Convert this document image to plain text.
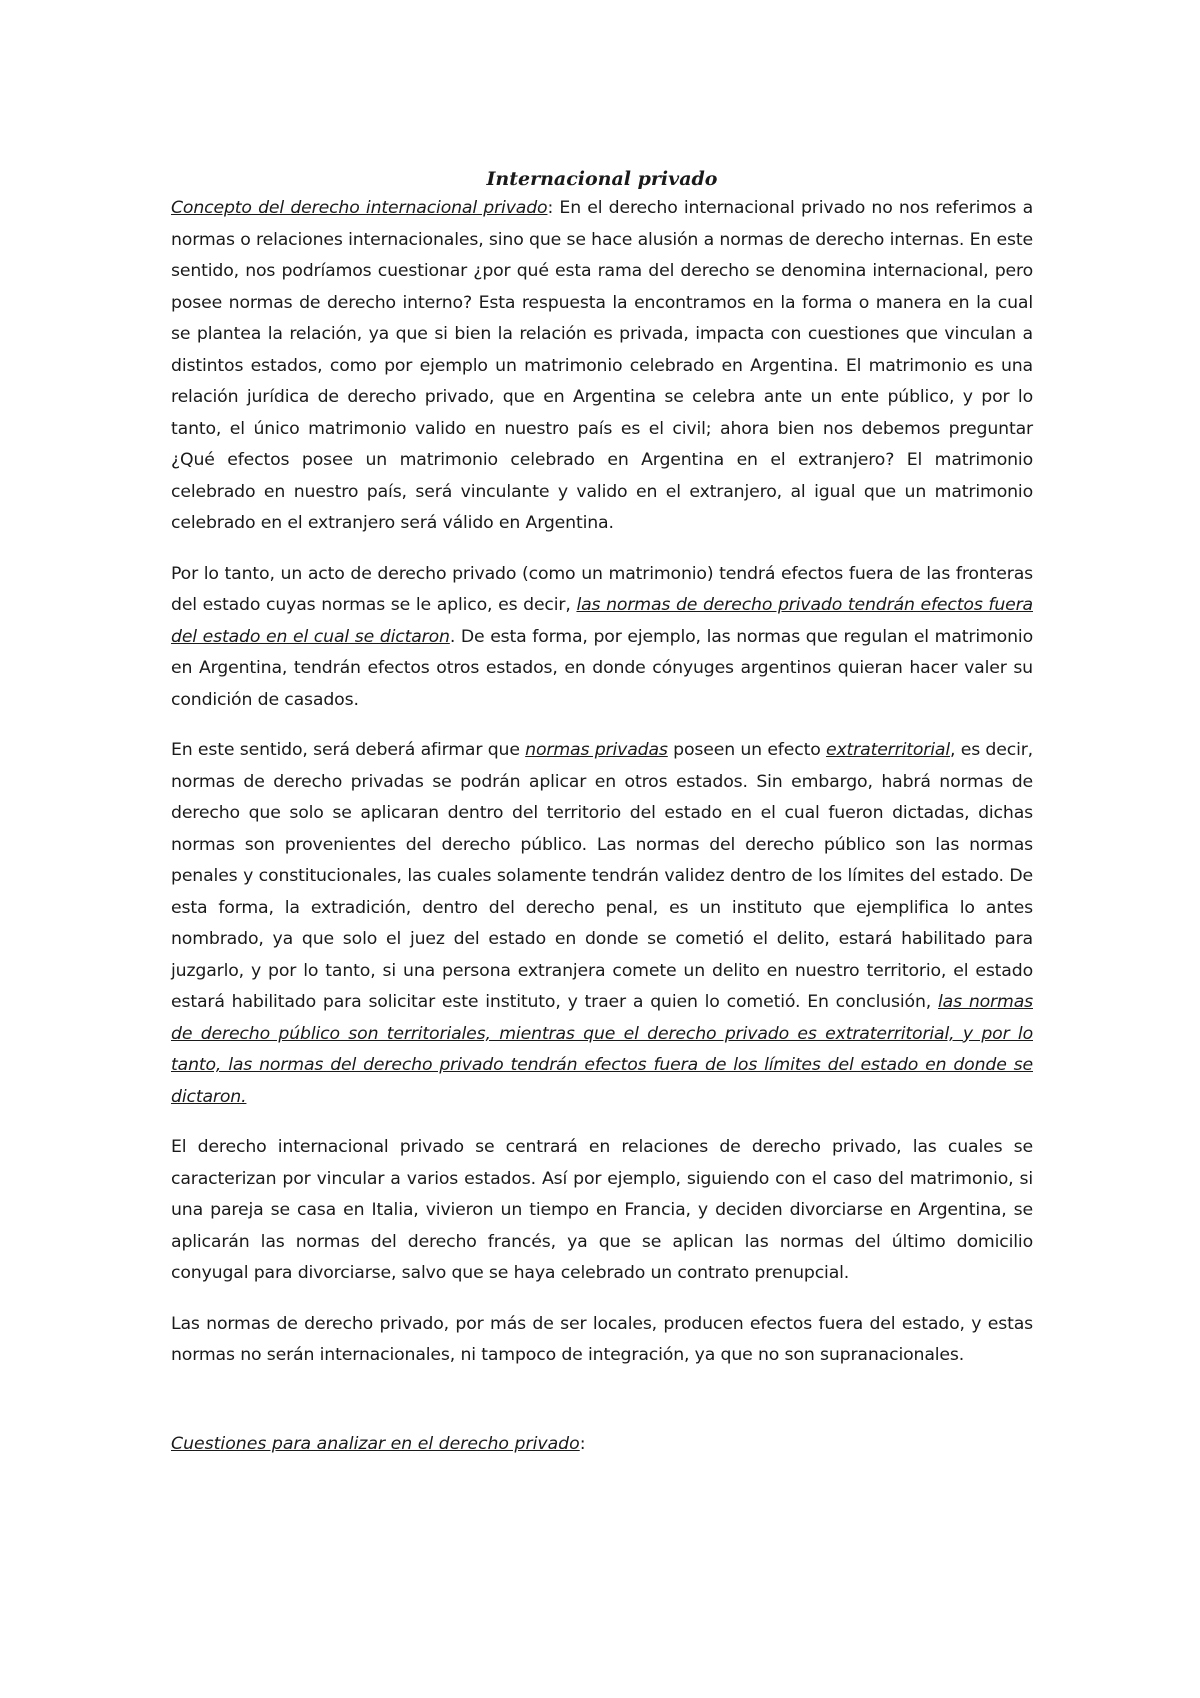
Internacional privado

Concepto del derecho internacional privado: En el derecho internacional privado no nos referimos a normas o relaciones internacionales, sino que se hace alusión a normas de derecho internas. En este sentido, nos podríamos cuestionar ¿por qué esta rama del derecho se denomina internacional, pero posee normas de derecho interno? Esta respuesta la encontramos en la forma o manera en la cual se plantea la relación, ya que si bien la relación es privada, impacta con cuestiones que vinculan a distintos estados, como por ejemplo un matrimonio celebrado en Argentina. El matrimonio es una relación jurídica de derecho privado, que en Argentina se celebra ante un ente público, y por lo tanto, el único matrimonio valido en nuestro país es el civil; ahora bien nos debemos preguntar ¿Qué efectos posee un matrimonio celebrado en Argentina en el extranjero? El matrimonio celebrado en nuestro país, será vinculante y valido en el extranjero, al igual que un matrimonio celebrado en el extranjero será válido en Argentina.

Por lo tanto, un acto de derecho privado (como un matrimonio) tendrá efectos fuera de las fronteras del estado cuyas normas se le aplico, es decir, las normas de derecho privado tendrán efectos fuera del estado en el cual se dictaron. De esta forma, por ejemplo, las normas que regulan el matrimonio en Argentina, tendrán efectos otros estados, en donde cónyuges argentinos quieran hacer valer su condición de casados.

En este sentido, será deberá afirmar que normas privadas poseen un efecto extraterritorial, es decir, normas de derecho privadas se podrán aplicar en otros estados. Sin embargo, habrá normas de derecho que solo se aplicaran dentro del territorio del estado en el cual fueron dictadas, dichas normas son provenientes del derecho público. Las normas del derecho público son las normas penales y constitucionales, las cuales solamente tendrán validez dentro de los límites del estado. De esta forma, la extradición, dentro del derecho penal, es un instituto que ejemplifica lo antes nombrado, ya que solo el juez del estado en donde se cometió el delito, estará habilitado para juzgarlo, y por lo tanto, si una persona extranjera comete un delito en nuestro territorio, el estado estará habilitado para solicitar este instituto, y traer a quien lo cometió. En conclusión, las normas de derecho público son territoriales, mientras que el derecho privado es extraterritorial, y por lo tanto, las normas del derecho privado tendrán efectos fuera de los límites del estado en donde se dictaron.

El derecho internacional privado se centrará en relaciones de derecho privado, las cuales se caracterizan por vincular a varios estados. Así por ejemplo, siguiendo con el caso del matrimonio, si una pareja se casa en Italia, vivieron un tiempo en Francia, y deciden divorciarse en Argentina, se aplicarán las normas del derecho francés, ya que se aplican las normas del último domicilio conyugal para divorciarse, salvo que se haya celebrado un contrato prenupcial.

Las normas de derecho privado, por más de ser locales, producen efectos fuera del estado, y estas normas no serán internacionales, ni tampoco de integración, ya que no son supranacionales.

Cuestiones para analizar en el derecho privado:
